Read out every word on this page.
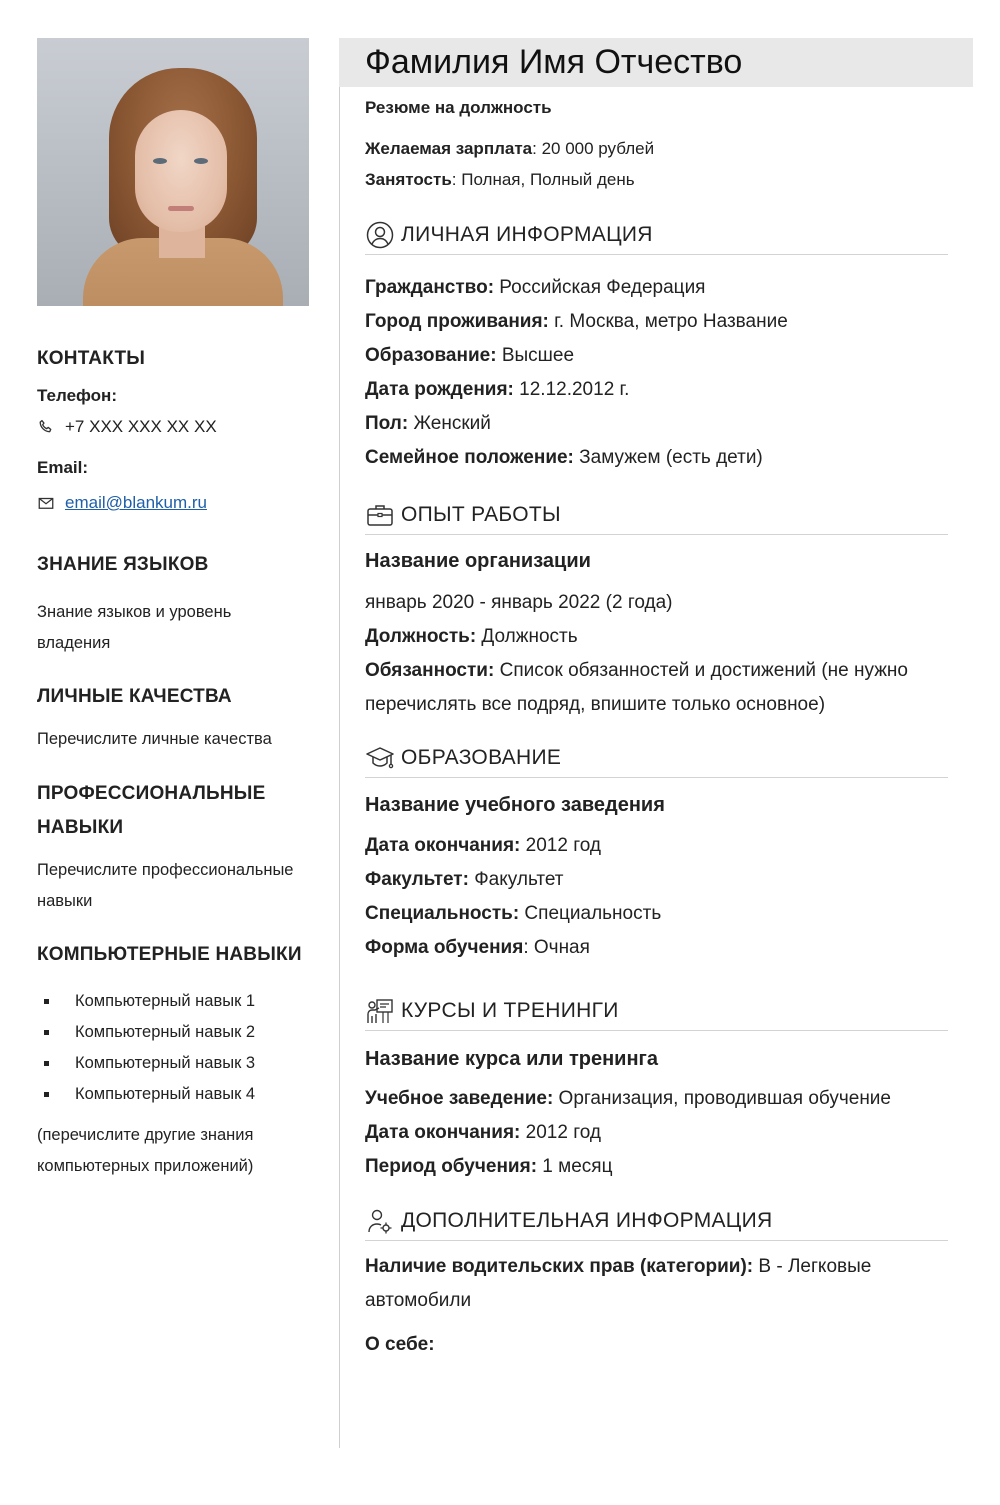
КОНТАКТЫ
Телефон:
+7 XXX XXX XX XX
Email:
email@blankum.ru
ЗНАНИЕ ЯЗЫКОВ
Знание языков и уровень
владения
ЛИЧНЫЕ КАЧЕСТВА
Перечислите личные качества
ПРОФЕССИОНАЛЬНЫЕ
НАВЫКИ
Перечислите профессиональные
навыки
КОМПЬЮТЕРНЫЕ НАВЫКИ
Компьютерный навык 1
Компьютерный навык 2
Компьютерный навык 3
Компьютерный навык 4
(перечислите другие знания
компьютерных приложений)
Фамилия Имя Отчество
Резюме на должность
Желаемая зарплата: 20 000 рублей
Занятость: Полная, Полный день
ЛИЧНАЯ ИНФОРМАЦИЯ
Гражданство: Российская Федерация
Город проживания: г. Москва, метро Название
Образование: Высшее
Дата рождения: 12.12.2012 г.
Пол: Женский
Семейное положение: Замужем (есть дети)
ОПЫТ РАБОТЫ
Название организации
январь 2020 - январь 2022 (2 года)
Должность: Должность
Обязанности: Список обязанностей и достижений (не нужно
перечислять все подряд, впишите только основное)
ОБРАЗОВАНИЕ
Название учебного заведения
Дата окончания: 2012 год
Факультет: Факультет
Специальность: Специальность
Форма обучения: Очная
КУРСЫ И ТРЕНИНГИ
Название курса или тренинга
Учебное заведение: Организация, проводившая обучение
Дата окончания: 2012 год
Период обучения: 1 месяц
ДОПОЛНИТЕЛЬНАЯ ИНФОРМАЦИЯ
Наличие водительских прав (категории): B - Легковые
автомобили
О себе:
